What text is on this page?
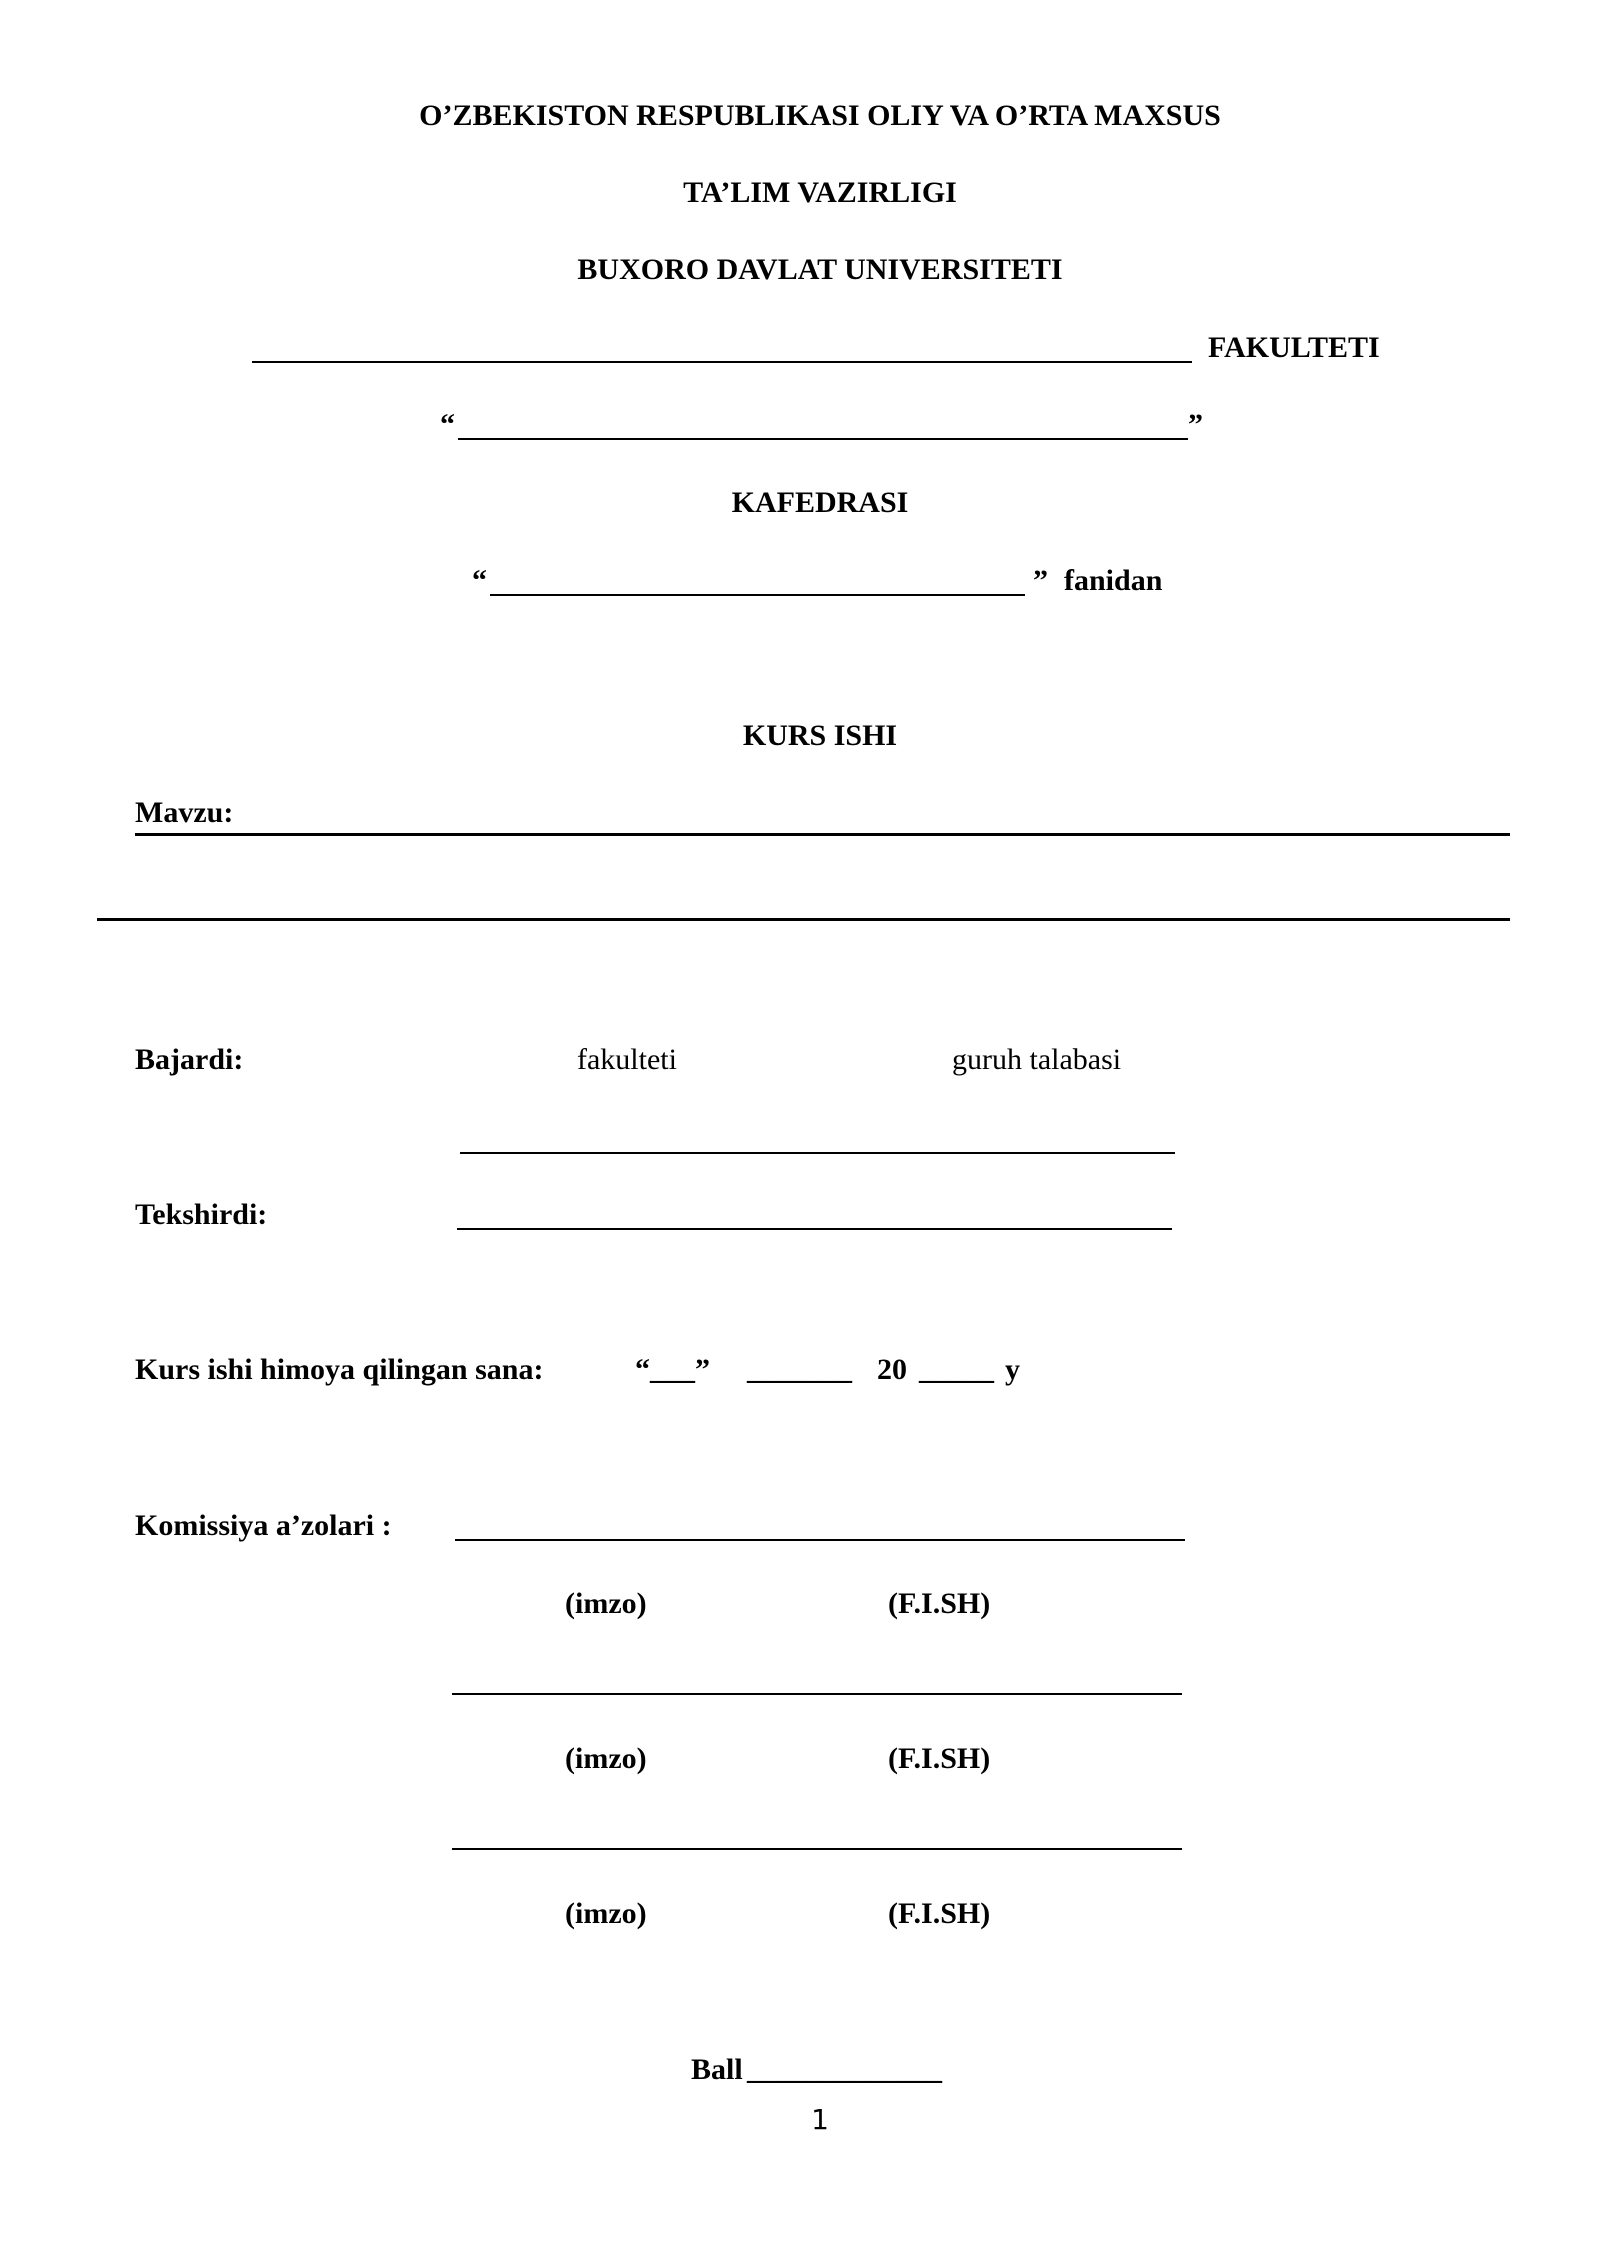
O’ZBEKISTON RESPUBLIKASI OLIY VA O’RTA MAXSUS
TA’LIM VAZIRLIGI
BUXORO DAVLAT UNIVERSITETI
FAKULTETI
“	”
KAFEDRASI
“	” fanidan
KURS ISHI
Mavzu:
Bajardi:	fakulteti	guruh talabasi
Tekshirdi:
Kurs ishi himoya qilingan sana:	“___” _______ 20 _____ y
Komissiya a’zolari :
(imzo)	(F.I.SH)
(imzo)	(F.I.SH)
(imzo)	(F.I.SH)
Ball _____________
1
